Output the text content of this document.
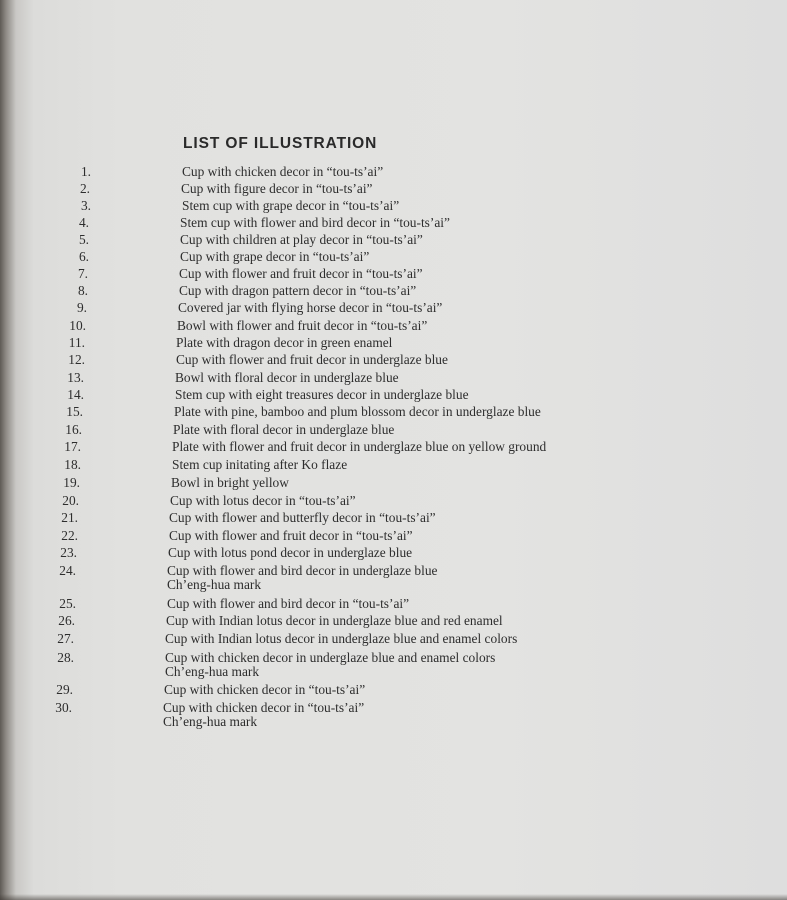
LIST OF ILLUSTRATION
1.	Cup with chicken decor in “tou-ts’ai”
2.	Cup with figure decor in “tou-ts’ai”
3.	Stem cup with grape decor in “tou-ts’ai”
4.	Stem cup with flower and bird decor in “tou-ts’ai”
5.	Cup with children at play decor in “tou-ts’ai”
6.	Cup with grape decor in “tou-ts’ai”
7.	Cup with flower and fruit decor in “tou-ts’ai”
8.	Cup with dragon pattern decor in “tou-ts’ai”
9.	Covered jar with flying horse decor in “tou-ts’ai”
10.	Bowl with flower and fruit decor in “tou-ts’ai”
11.	Plate with dragon decor in green enamel
12.	Cup with flower and fruit decor in underglaze blue
13.	Bowl with floral decor in underglaze blue
14.	Stem cup with eight treasures decor in underglaze blue
15.	Plate with pine, bamboo and plum blossom decor in underglaze blue
16.	Plate with floral decor in underglaze blue
17.	Plate with flower and fruit decor in underglaze blue on yellow ground
18.	Stem cup initating after Ko flaze
19.	Bowl in bright yellow
20.	Cup with lotus decor in “tou-ts’ai”
21.	Cup with flower and butterfly decor in “tou-ts’ai”
22.	Cup with flower and fruit decor in “tou-ts’ai”
23.	Cup with lotus pond decor in underglaze blue
24.	Cup with flower and bird decor in underglaze blue
Ch’eng-hua mark
25.	Cup with flower and bird decor in “tou-ts’ai”
26.	Cup with Indian lotus decor in underglaze blue and red enamel
27.	Cup with Indian lotus decor in underglaze blue and enamel colors
28.	Cup with chicken decor in underglaze blue and enamel colors
Ch’eng-hua mark
29.	Cup with chicken decor in “tou-ts’ai”
30.	Cup with chicken decor in “tou-ts’ai”
Ch’eng-hua mark
